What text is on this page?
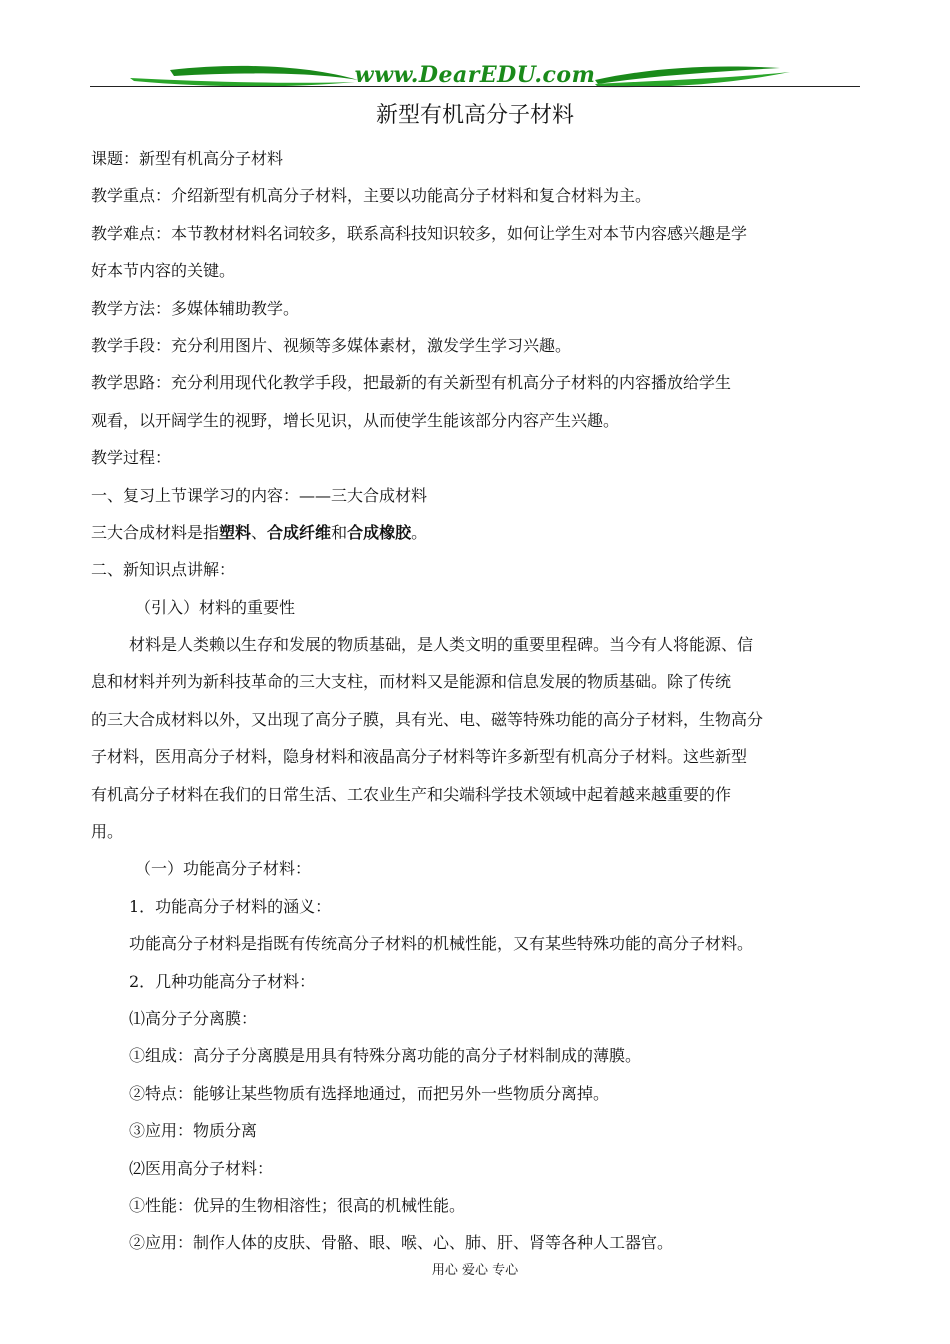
www.DearEDU.com
新型有机高分子材料
课题：新型有机高分子材料
教学重点：介绍新型有机高分子材料，主要以功能高分子材料和复合材料为主。
教学难点：本节教材材料名词较多，联系高科技知识较多，如何让学生对本节内容感兴趣是学
好本节内容的关键。
教学方法：多媒体辅助教学。
教学手段：充分利用图片、视频等多媒体素材，激发学生学习兴趣。
教学思路：充分利用现代化教学手段，把最新的有关新型有机高分子材料的内容播放给学生
观看，以开阔学生的视野，增长见识，从而使学生能该部分内容产生兴趣。
教学过程：
一、复习上节课学习的内容：——三大合成材料
三大合成材料是指塑料、合成纤维和合成橡胶。
二、新知识点讲解：
（引入）材料的重要性
材料是人类赖以生存和发展的物质基础，是人类文明的重要里程碑。当今有人将能源、信
息和材料并列为新科技革命的三大支柱，而材料又是能源和信息发展的物质基础。除了传统
的三大合成材料以外，又出现了高分子膜，具有光、电、磁等特殊功能的高分子材料，生物高分
子材料，医用高分子材料，隐身材料和液晶高分子材料等许多新型有机高分子材料。这些新型
有机高分子材料在我们的日常生活、工农业生产和尖端科学技术领域中起着越来越重要的作
用。
（一）功能高分子材料：
1．功能高分子材料的涵义：
功能高分子材料是指既有传统高分子材料的机械性能，又有某些特殊功能的高分子材料。
2．几种功能高分子材料：
⑴高分子分离膜：
①组成：高分子分离膜是用具有特殊分离功能的高分子材料制成的薄膜。
②特点：能够让某些物质有选择地通过，而把另外一些物质分离掉。
③应用：物质分离
⑵医用高分子材料：
①性能：优异的生物相溶性；很高的机械性能。
②应用：制作人体的皮肤、骨骼、眼、喉、心、肺、肝、肾等各种人工器官。
用心 爱心 专心
